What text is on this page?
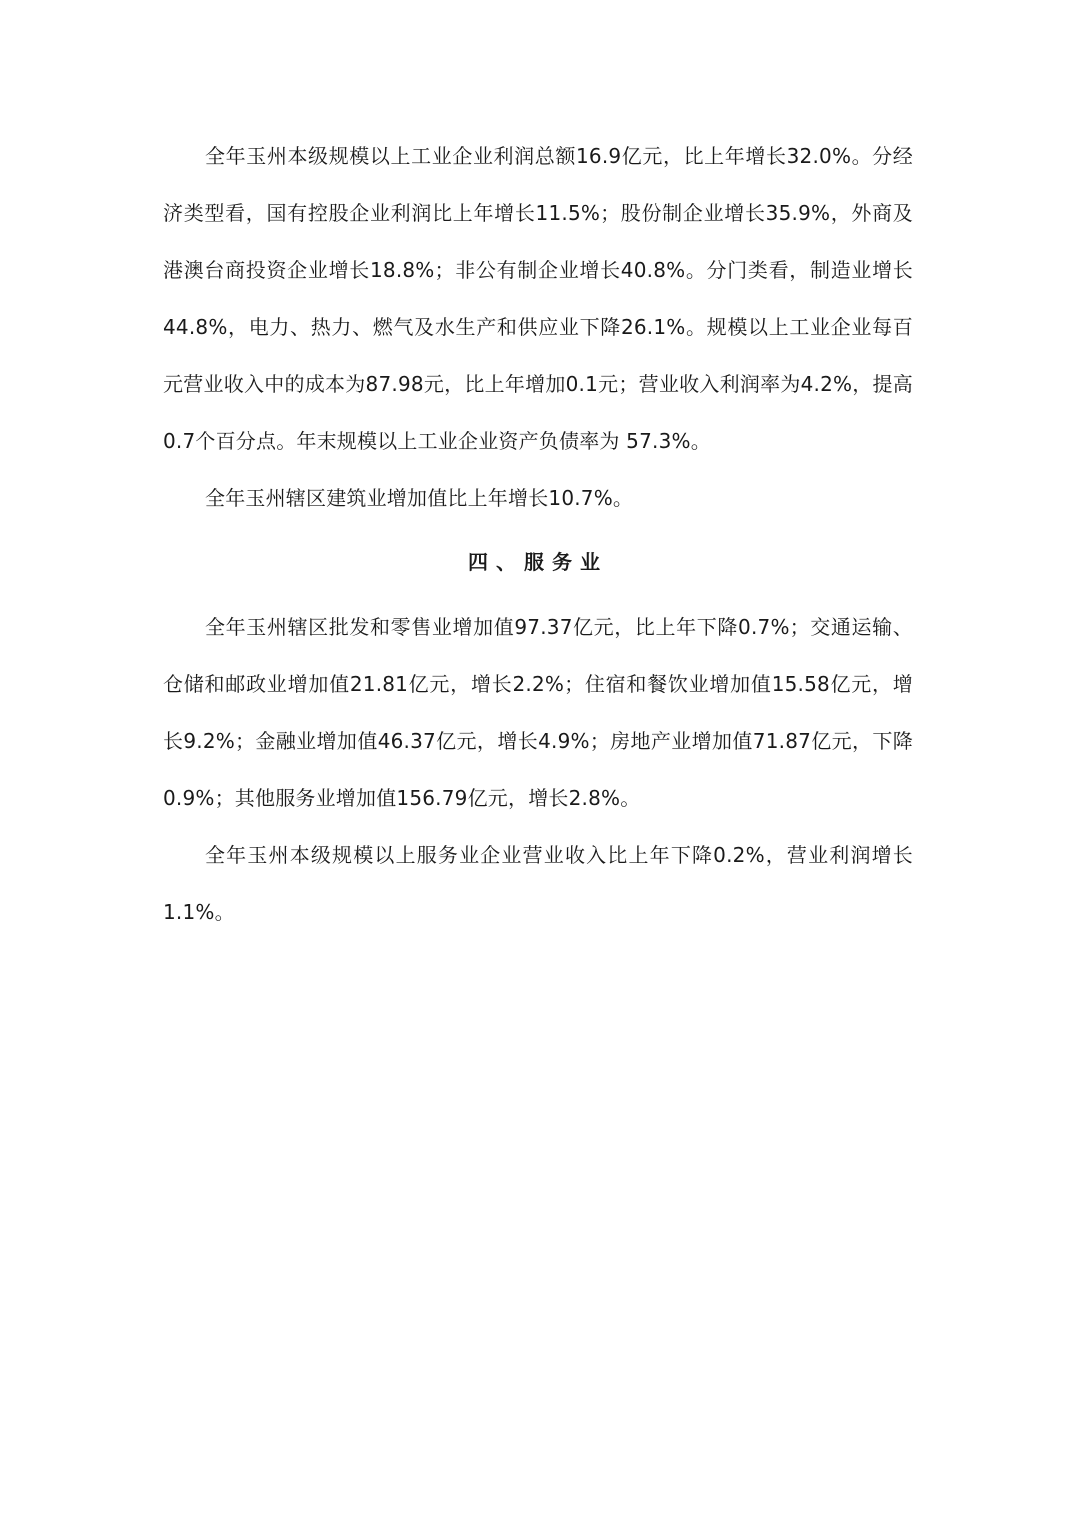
全年玉州本级规模以上工业企业利润总额16.9亿元，比上年增长32.0%。分经济类型看，国有控股企业利润比上年增长11.5%；股份制企业增长35.9%，外商及港澳台商投资企业增长18.8%；非公有制企业增长40.8%。分门类看，制造业增长44.8%，电力、热力、燃气及水生产和供应业下降26.1%。规模以上工业企业每百元营业收入中的成本为87.98元，比上年增加0.1元；营业收入利润率为4.2%，提高0.7个百分点。年末规模以上工业企业资产负债率为 57.3%。

全年玉州辖区建筑业增加值比上年增长10.7%。

四、服务业

全年玉州辖区批发和零售业增加值97.37亿元，比上年下降0.7%；交通运输、仓储和邮政业增加值21.81亿元，增长2.2%；住宿和餐饮业增加值15.58亿元，增长9.2%；金融业增加值46.37亿元，增长4.9%；房地产业增加值71.87亿元，下降0.9%；其他服务业增加值156.79亿元，增长2.8%。

全年玉州本级规模以上服务业企业营业收入比上年下降0.2%，营业利润增长1.1%。
